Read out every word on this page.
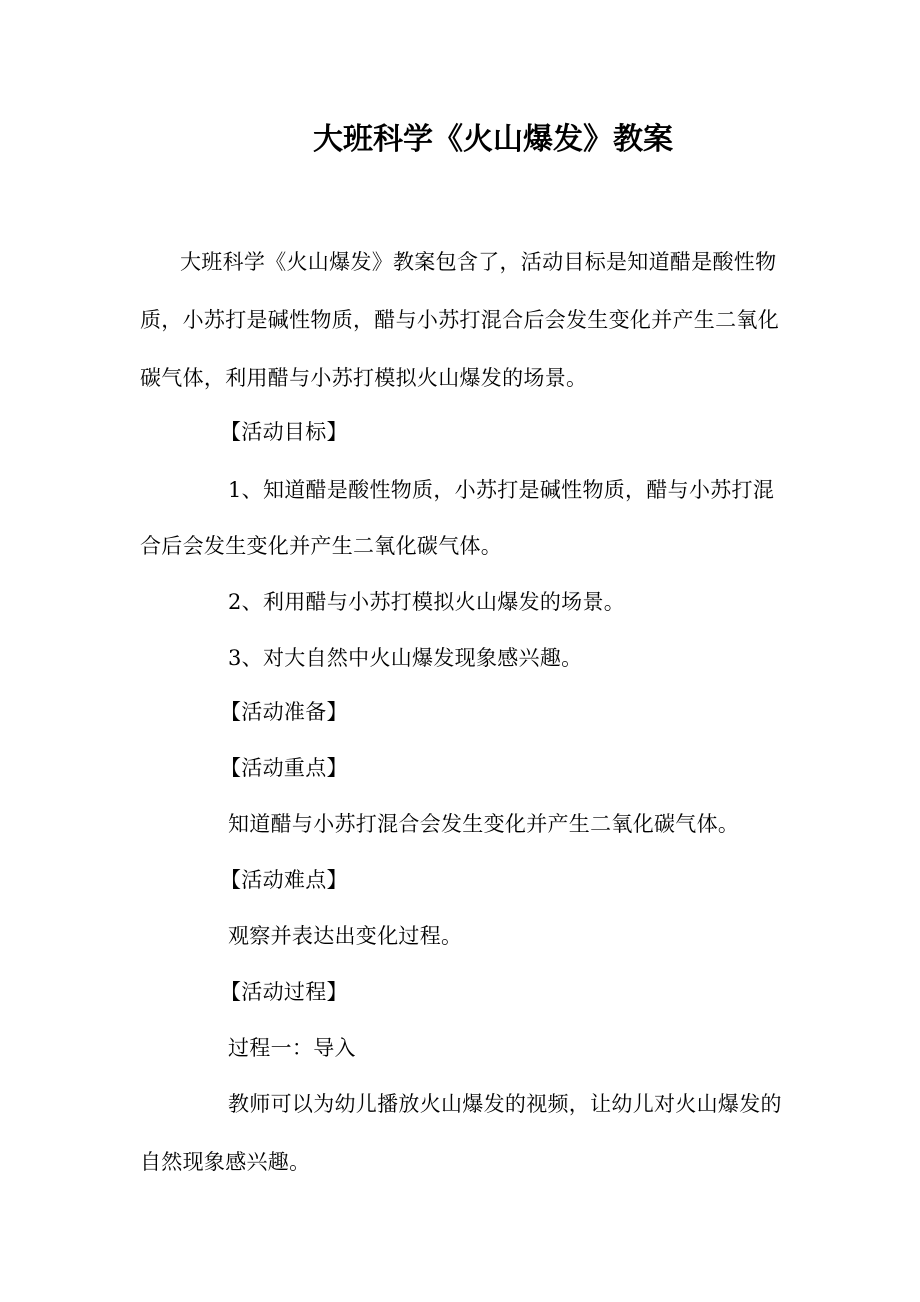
大班科学《火山爆发》教案
大班科学《火山爆发》教案包含了，活动目标是知道醋是酸性物
质，小苏打是碱性物质，醋与小苏打混合后会发生变化并产生二氧化
碳气体，利用醋与小苏打模拟火山爆发的场景。
【活动目标】
1、知道醋是酸性物质，小苏打是碱性物质，醋与小苏打混
合后会发生变化并产生二氧化碳气体。
2、利用醋与小苏打模拟火山爆发的场景。
3、对大自然中火山爆发现象感兴趣。
【活动准备】
【活动重点】
知道醋与小苏打混合会发生变化并产生二氧化碳气体。
【活动难点】
观察并表达出变化过程。
【活动过程】
过程一：导入
教师可以为幼儿播放火山爆发的视频，让幼儿对火山爆发的
自然现象感兴趣。
